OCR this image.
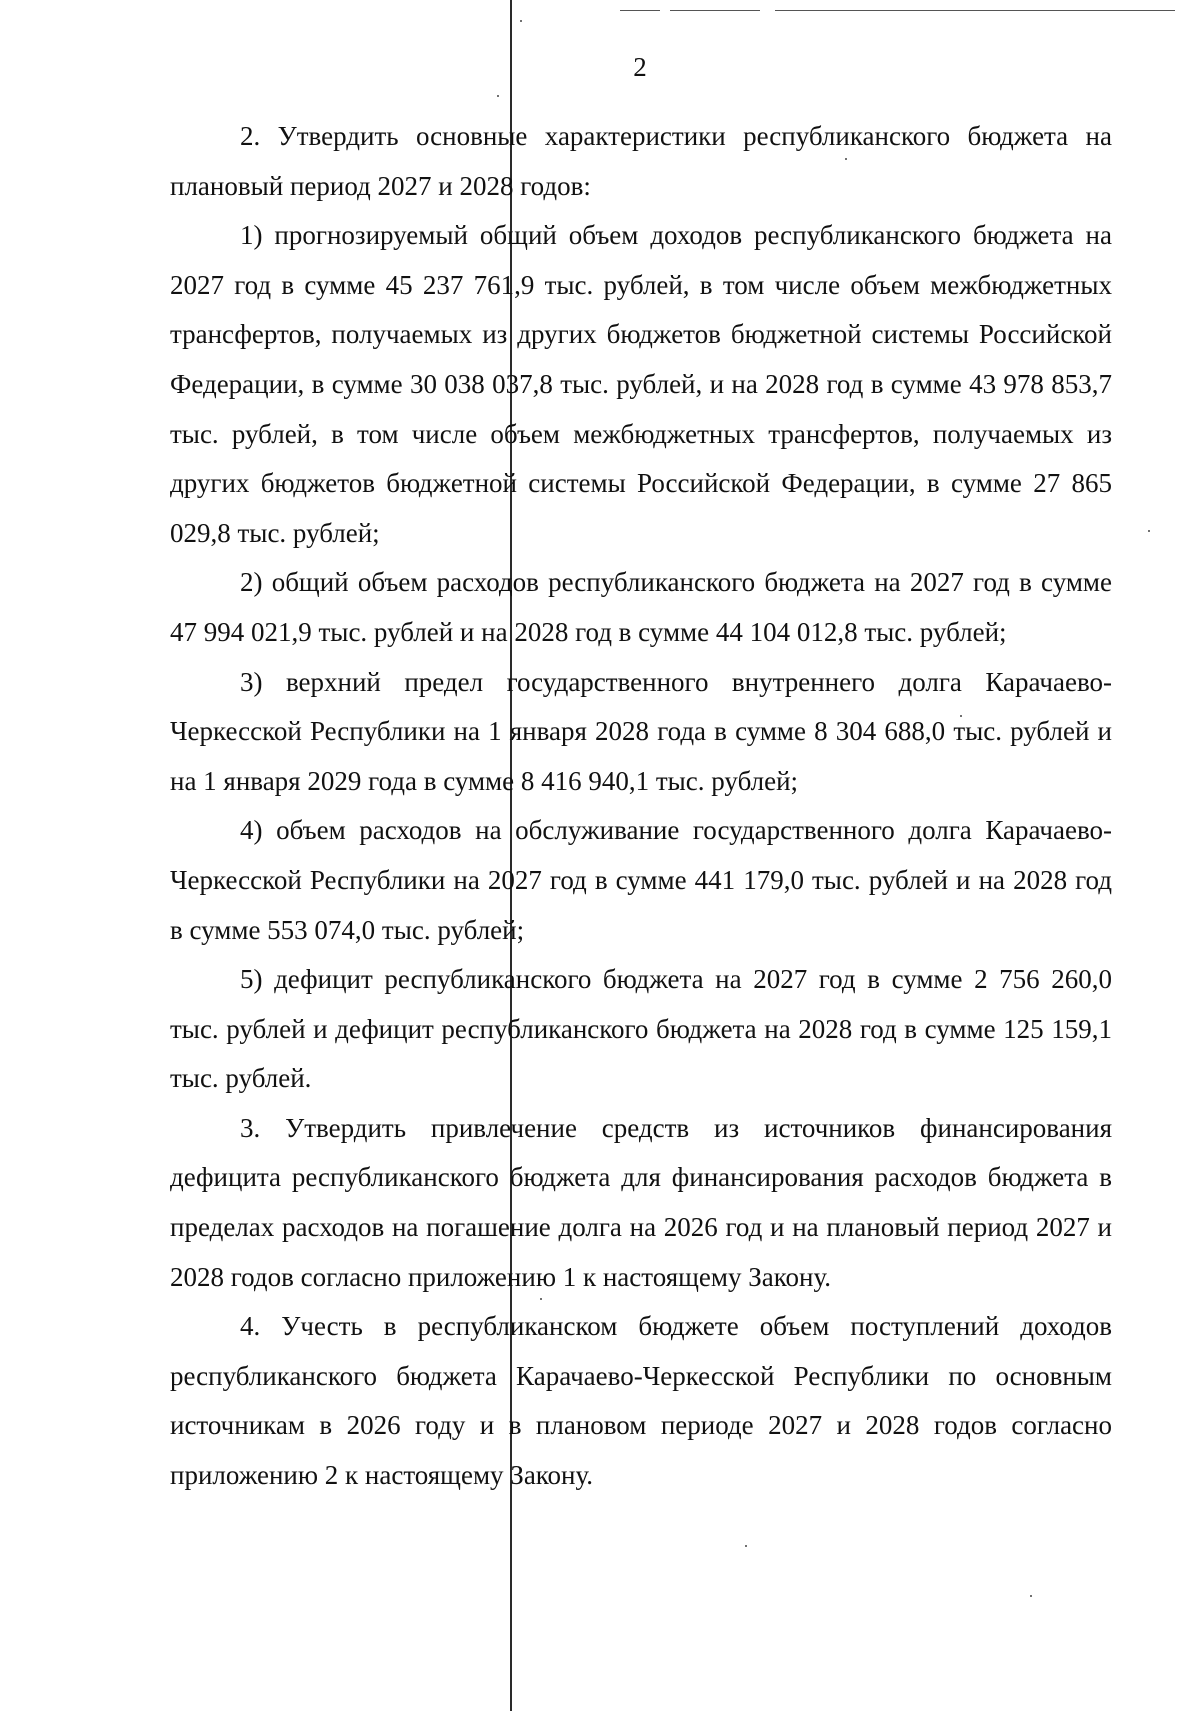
2

2. Утвердить основные характеристики республиканского бюджета на плановый период 2027 и 2028 годов:

1) прогнозируемый общий объем доходов республиканского бюджета на 2027 год в сумме 45 237 761,9 тыс. рублей, в том числе объем межбюджетных трансфертов, получаемых из других бюджетов бюджетной системы Российской Федерации, в сумме 30 038 037,8 тыс. рублей, и на 2028 год в сумме 43 978 853,7 тыс. рублей, в том числе объем межбюджетных трансфертов, получаемых из других бюджетов бюджетной системы Российской Федерации, в сумме 27 865 029,8 тыс. рублей;

2) общий объем расходов республиканского бюджета на 2027 год в сумме 47 994 021,9 тыс. рублей и на 2028 год в сумме 44 104 012,8 тыс. рублей;

3) верхний предел государственного внутреннего долга Карачаево-Черкесской Республики на 1 января 2028 года в сумме 8 304 688,0 тыс. рублей и на 1 января 2029 года в сумме 8 416 940,1 тыс. рублей;

4) объем расходов на обслуживание государственного долга Карачаево-Черкесской Республики на 2027 год в сумме 441 179,0 тыс. рублей и на 2028 год в сумме 553 074,0 тыс. рублей;

5) дефицит республиканского бюджета на 2027 год в сумме 2 756 260,0 тыс. рублей и дефицит республиканского бюджета на 2028 год в сумме 125 159,1 тыс. рублей.

3. Утвердить привлечение средств из источников финансирования дефицита республиканского бюджета для финансирования расходов бюджета в пределах расходов на погашение долга на 2026 год и на плановый период 2027 и 2028 годов согласно приложению 1 к настоящему Закону.

4. Учесть в республиканском бюджете объем поступлений доходов республиканского бюджета Карачаево-Черкесской Республики по основным источникам в 2026 году и в плановом периоде 2027 и 2028 годов согласно приложению 2 к настоящему Закону.
